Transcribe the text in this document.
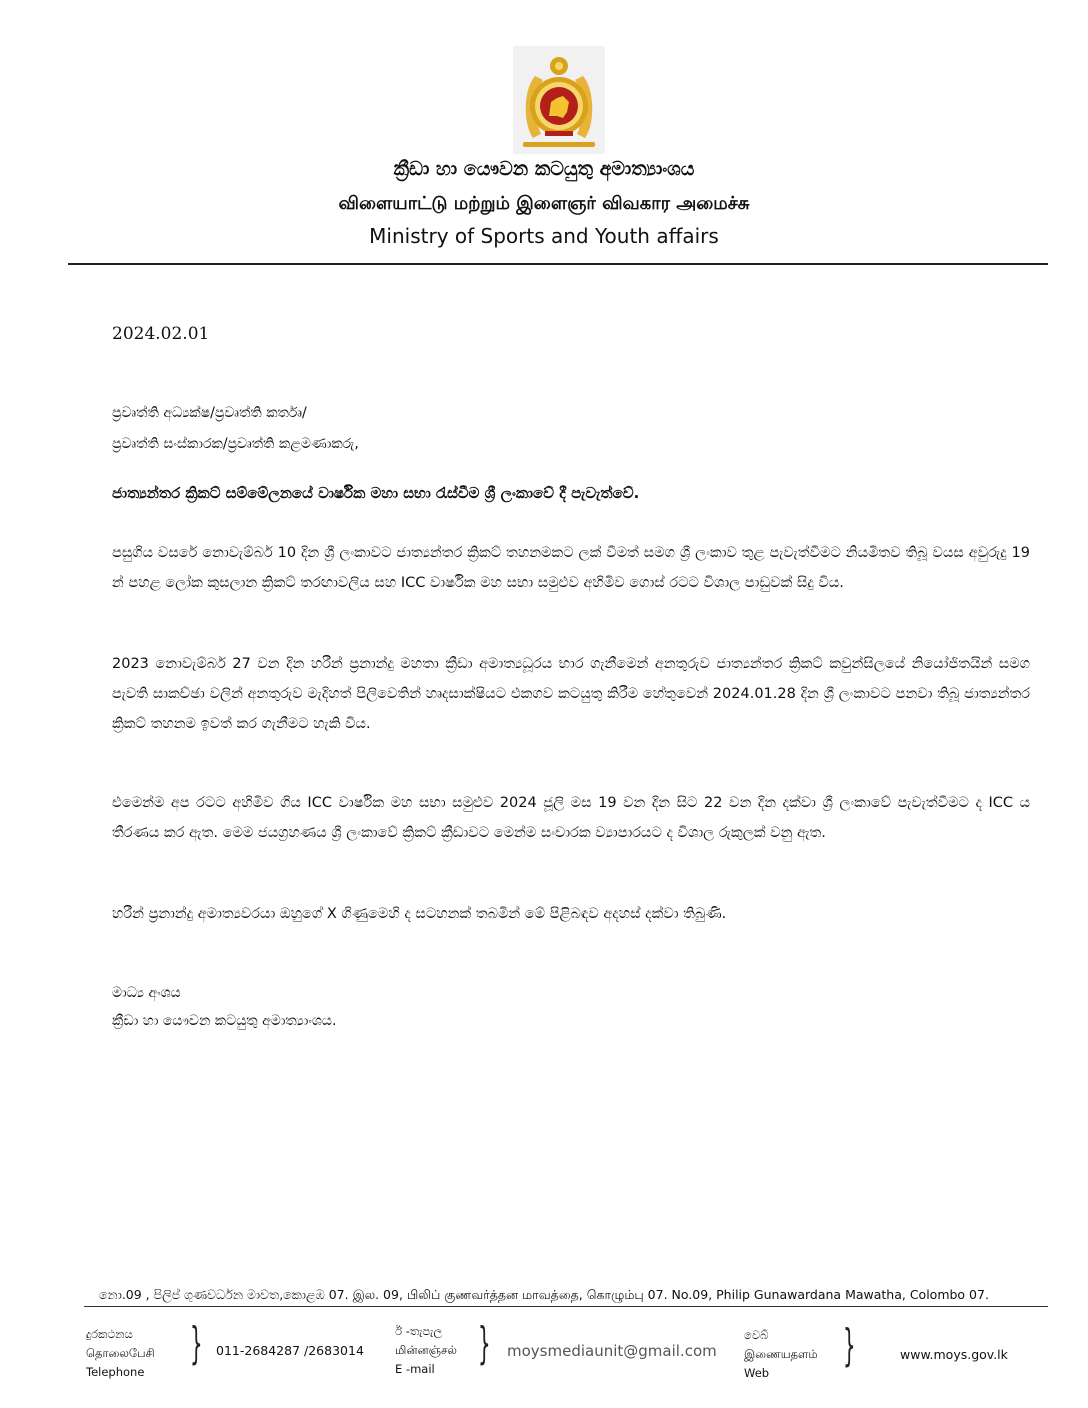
ක්‍රීඩා හා යෞවන කටයුතු අමාත්‍යාංශය
விளையாட்டு மற்றும் இளைஞர் விவகார அமைச்சு
Ministry of Sports and Youth affairs
2024.02.01
ප්‍රවෘත්ති අධ්‍යක්ෂ/ප්‍රවෘත්ති කර්තෘ/
ප්‍රවෘත්ති සංස්කාරක/ප්‍රවෘත්ති කළමණාකරු,
ජාත්‍යන්තර ක්‍රිකට් සම්මේලනයේ වාර්ෂික මහා සභා රැස්වීම ශ්‍රී ලංකාවේ දී පැවැත්වේ.
පසුගිය වසරේ නොවැම්බර් 10 දින ශ්‍රී ලංකාවට ජාත්‍යන්තර ක්‍රිකට් තහනමකට ලක් වීමත් සමග ශ්‍රී ලංකාව තුළ පැවැත්වීමට නියමිතව තිබූ වයස අවුරුදු 19 න් පහළ ලෝක කුසලාන ක්‍රිකට් තරඟාවලිය සහ ICC වාර්ෂික මහ සභා සමුළුව අහිමිව ගොස් රටට විශාල පාඩුවක් සිදු විය.
2023 නොවැම්බර් 27 වන දින හරීන් ප්‍රනාන්දු මහතා ක්‍රීඩා අමාත්‍යධූරය භාර ගැනීමෙන් අනතුරුව ජාත්‍යන්තර ක්‍රිකට් කවුන්සිලයේ නියෝජිතයින් සමග පැවති සාකච්ඡා වලින් අනතුරුව මැදිහත් පිලිවෙතින් හෘදසාක්ෂියට එකගව කටයුතු කිරීම හේතුවෙන් 2024.01.28 දින ශ්‍රී ලංකාවට පනවා තිබූ ජාත්‍යන්තර ක්‍රිකට් තහනම ඉවත් කර ගැනීමට හැකි විය.
එමෙන්ම අප රටට අහිමිව ගිය ICC වාර්ෂික මහ සභා සමුළුව 2024 ජූලි මස 19 වන දින සිට 22 වන දින දක්වා ශ්‍රී ලංකාවේ පැවැත්වීමට ද ICC ය තීරණය කර ඇත. මෙම ජයග්‍රහණය ශ්‍රී ලංකාවේ ක්‍රිකට් ක්‍රීඩාවට මෙන්ම සංචාරක ව්‍යාපාරයට ද විශාල රුකුලක් වනු ඇත.
හරීන් ප්‍රනාන්දු අමාත්‍යවරයා ඔහුගේ X ගිණුමෙහි ද සටහනක් තබමින් මේ පිළිබඳව අදහස් දක්වා තිබුණි.
මාධ්‍ය අංශය
ක්‍රීඩා හා යෞවන කටයුතු අමාත්‍යාංශය.
නො.09 , පිලිප් ගුණවර්ධන මාවත,කොළඹ 07. இல. 09, பிலிப் குணவர்த்தன மாவத்தை, கொழும்பு 07. No.09, Philip Gunawardana Mawatha, Colombo 07.
දුරකථනය
தொலைபேசி
Telephone
} 011-2684287 /2683014
ඊ -තැපැල
மின்னஞ்சல்
E -mail } moysmediaunit@gmail.com
වෙබ්
இணையதளம்
Web
}	www.moys.gov.lk
